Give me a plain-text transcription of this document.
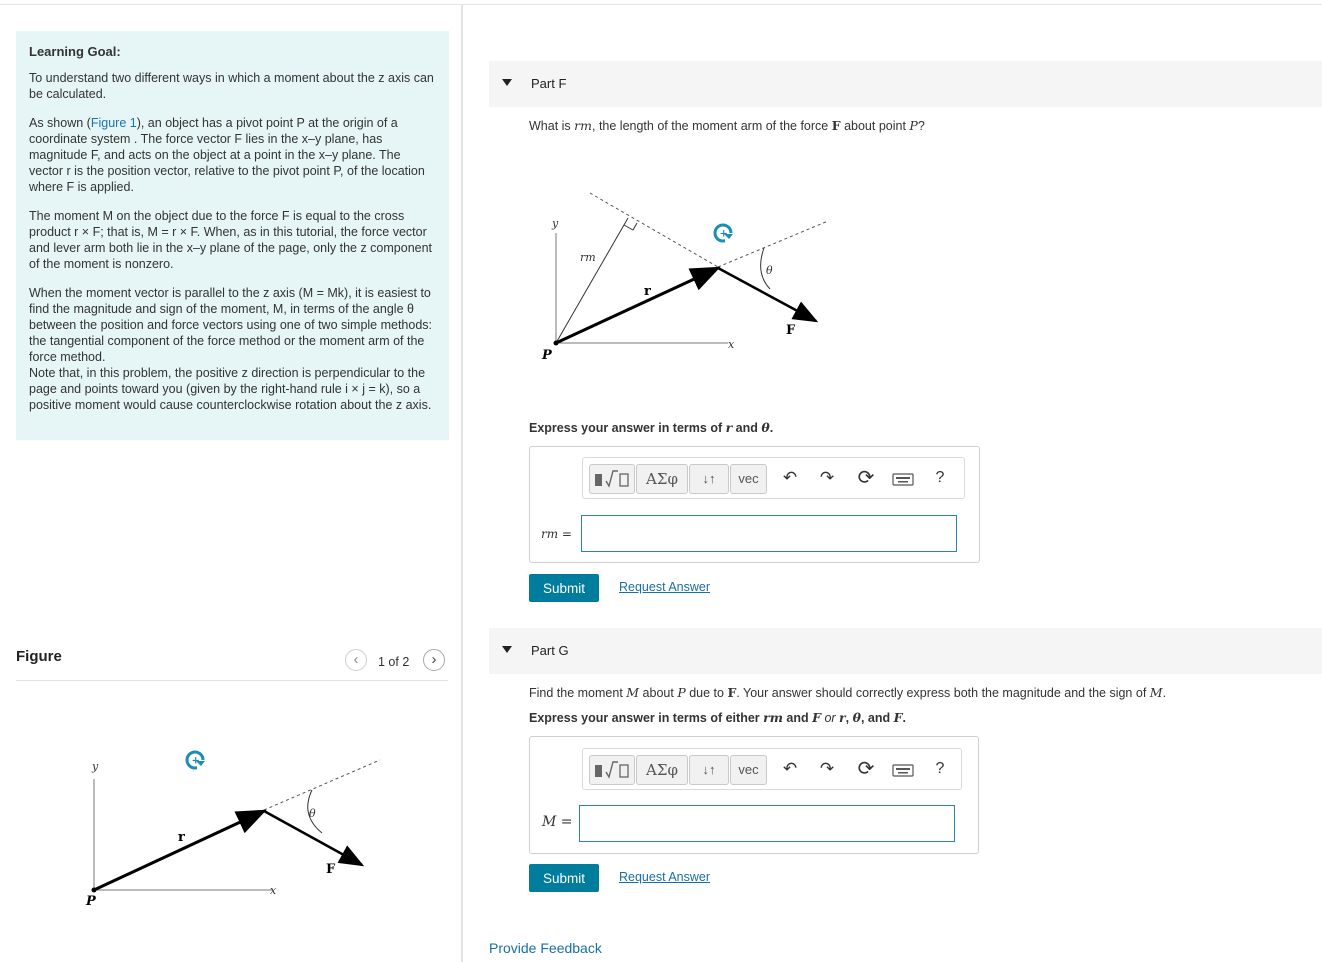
Learning Goal:

To understand two different ways in which a moment about the z axis can be calculated.

As shown (Figure 1), an object has a pivot point P at the origin of a coordinate system . The force vector F lies in the x–y plane, has magnitude F, and acts on the object at a point in the x–y plane. The vector r is the position vector, relative to the pivot point P, of the location where F is applied.

The moment M on the object due to the force F is equal to the cross product r × F; that is, M = r × F. When, as in this tutorial, the force vector and lever arm both lie in the x–y plane of the page, only the z component of the moment is nonzero.

When the moment vector is parallel to the z axis (M = Mk), it is easiest to find the magnitude and sign of the moment, M, in terms of the angle θ between the position and force vectors using one of two simple methods: the tangential component of the force method or the moment arm of the force method.

Note that, in this problem, the positive z direction is perpendicular to the page and points toward you (given by the right-hand rule i × j = k), so a positive moment would cause counterclockwise rotation about the z axis.

Figure	‹	1 of 2	›
+
y
x
P
r
F
θ
Part F
What is rm, the length of the moment arm of the force F about point P?
+
y
x
P
r
rm
F
θ
Express your answer in terms of r and θ.
ΑΣφ	↓↑	vec	↶ ↷ ⟳	?
rm =
Submit	Request Answer
Part G
Find the moment M about P due to F. Your answer should correctly express both the magnitude and the sign of M.
Express your answer in terms of either rm and F or r, θ, and F.
ΑΣφ	↓↑	vec	↶ ↷ ⟳	?
M =
Submit	Request Answer
Provide Feedback
